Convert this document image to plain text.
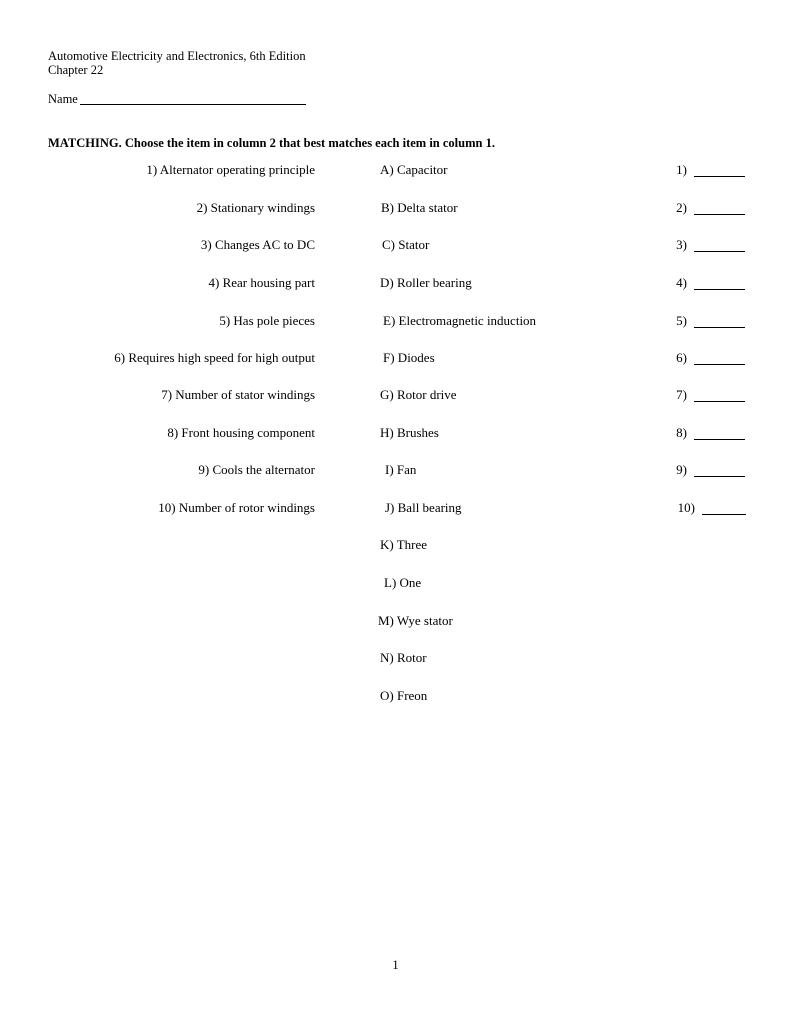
Automotive Electricity and Electronics, 6th Edition
Chapter 22
Name
MATCHING. Choose the item in column 2 that best matches each item in column 1.
1) Alternator operating principle
2) Stationary windings
3) Changes AC to DC
4) Rear housing part
5) Has pole pieces
6) Requires high speed for high output
7) Number of stator windings
8) Front housing component
9) Cools the alternator
10) Number of rotor windings
A) Capacitor
B) Delta stator
C) Stator
D) Roller bearing
E) Electromagnetic induction
F) Diodes
G) Rotor drive
H) Brushes
I) Fan
J) Ball bearing
K) Three
L) One
M) Wye stator
N) Rotor
O) Freon
1)
2)
3)
4)
5)
6)
7)
8)
9)
10)
1
